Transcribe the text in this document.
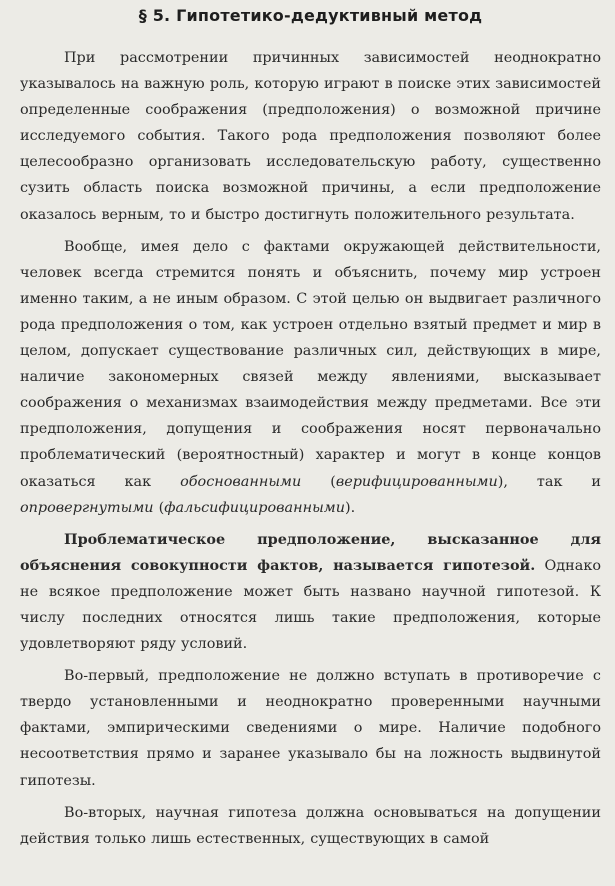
§ 5. Гипотетико-дедуктивный метод

При рассмотрении причинных зависимостей неоднократно указывалось на важную роль, которую играют в поиске этих зависимостей определенные соображения (предположения) о возможной причине исследуемого события. Такого рода предположения позволяют более целесообразно организовать исследовательскую работу, существенно сузить область поиска возможной причины, а если предположение оказалось верным, то и быстро достигнуть положительного результата.

Вообще, имея дело с фактами окружающей действительности, человек всегда стремится понять и объяснить, почему мир устроен именно таким, а не иным образом. С этой целью он выдвигает различного рода предположения о том, как устроен отдельно взятый предмет и мир в целом, допускает существование различных сил, действующих в мире, наличие закономерных связей между явлениями, высказывает соображения о механизмах взаимодействия между предметами. Все эти предположения, допущения и соображения носят первоначально проблематический (вероятностный) характер и могут в конце концов оказаться как обоснованными (верифицированными), так и опровергнутыми (фальсифицированными).

Проблематическое предположение, высказанное для объяснения совокупности фактов, называется гипотезой. Однако не всякое предположение может быть названо научной гипотезой. К числу последних относятся лишь такие предположения, которые удовлетворяют ряду условий.

Во-первый, предположение не должно вступать в противоречие с твердо установленными и неоднократно проверенными научными фактами, эмпирическими сведениями о мире. Наличие подобного несоответствия прямо и заранее указывало бы на ложность выдвинутой гипотезы.

Во-вторых, научная гипотеза должна основываться на допущении действия только лишь естественных, существующих в самой
